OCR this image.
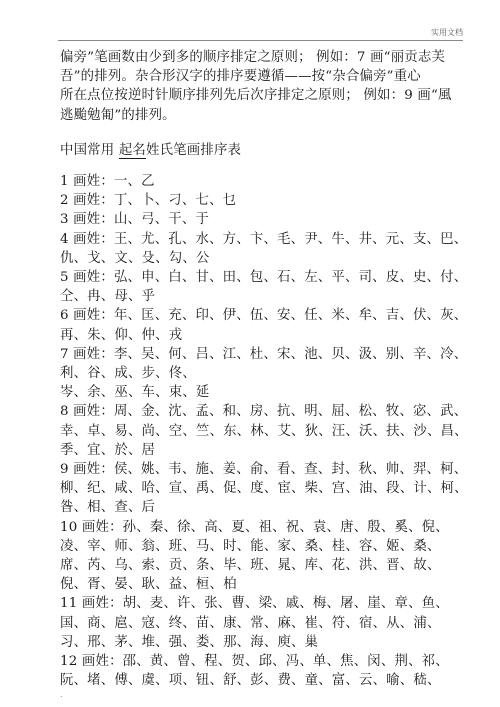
实用文档

偏旁”笔画数由少到多的顺序排定之原则； 例如：7 画“丽贡志芙

吾”的排列。杂合形汉字的排序要遵循——按“杂合偏旁”重心

所在点位按逆时针顺序排列先后次序排定之原则； 例如：9 画“風

逃颱勉匍”的排列。

中国常用 起名姓氏笔画排序表

1 画姓：一、乙
2 画姓：丁、卜、刁、七、乜
3 画姓：山、弓、干、于
4 画姓：王、尤、孔、水、方、卞、毛、尹、牛、井、元、支、巴、
仇、戈、文、殳、勾、公
5 画姓：弘、申、白、甘、田、包、石、左、平、司、皮、史、付、
仝、冉、母、乎
6 画姓：年、匡、充、印、伊、伍、安、任、米、牟、吉、伏、灰、
再、朱、仰、仲、戎
7 画姓：李、吴、何、吕、江、杜、宋、池、贝、汲、别、辛、冷、
利、谷、成、步、佟、
岑、余、巫、车、束、延
8 画姓：周、金、沈、孟、和、房、抗、明、屈、松、牧、宓、武、
幸、卓、易、尚、空、竺、东、林、艾、狄、汪、沃、扶、沙、昌、
季、宜、於、居
9 画姓：侯、姚、韦、施、姜、俞、看、查、封、秋、帅、羿、柯、
柳、纪、咸、哈、宣、禹、促、度、宦、柴、宫、油、段、计、柯、
昝、相、查、后
10 画姓：孙、秦、徐、高、夏、祖、祝、袁、唐、殷、奚、倪、
凌、宰、师、翁、班、马、时、能、家、桑、桂、容、姬、桑、
席、芮、乌、索、贡、条、毕、班、晁、库、花、洪、晋、故、
倪、胥、晏、耿、益、桓、柏
11 画姓：胡、麦、许、张、曹、梁、戚、梅、屠、崖、章、鱼、
国、商、扈、寇、终、苗、康、常、麻、崔、符、宿、从、浦、
习、邢、茅、堆、强、娄、那、海、庾、巢
12 画姓：邵、黄、曾、程、贺、邱、冯、单、焦、闵、荆、祁、
阮、堵、傅、虞、项、钮、舒、彭、费、童、富、云、喻、嵇、
.
